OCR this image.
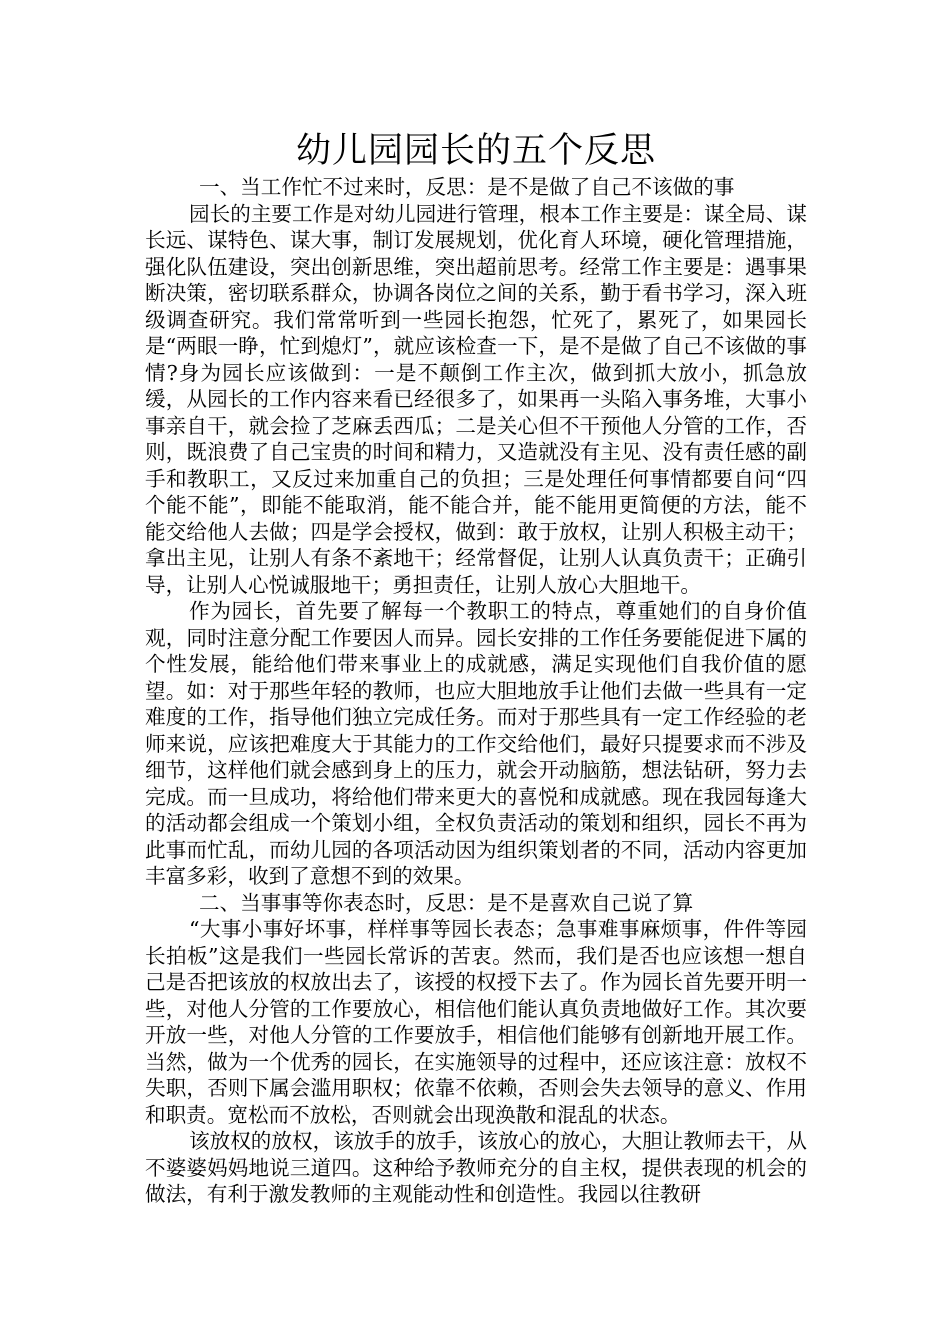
幼儿园园长的五个反思
一、当工作忙不过来时，反思：是不是做了自己不该做的事

园长的主要工作是对幼儿园进行管理，根本工作主要是：谋全局、谋长远、谋特色、谋大事，制订发展规划，优化育人环境，硬化管理措施，强化队伍建设，突出创新思维，突出超前思考。经常工作主要是：遇事果断决策，密切联系群众，协调各岗位之间的关系，勤于看书学习，深入班级调查研究。我们常常听到一些园长抱怨，忙死了，累死了，如果园长是“两眼一睁，忙到熄灯”，就应该检查一下，是不是做了自己不该做的事情?身为园长应该做到：一是不颠倒工作主次，做到抓大放小，抓急放缓，从园长的工作内容来看已经很多了，如果再一头陷入事务堆，大事小事亲自干，就会捡了芝麻丢西瓜；二是关心但不干预他人分管的工作，否则，既浪费了自己宝贵的时间和精力，又造就没有主见、没有责任感的副手和教职工，又反过来加重自己的负担；三是处理任何事情都要自问“四个能不能”，即能不能取消，能不能合并，能不能用更简便的方法，能不能交给他人去做；四是学会授权，做到：敢于放权，让别人积极主动干；拿出主见，让别人有条不紊地干；经常督促，让别人认真负责干；正确引导，让别人心悦诚服地干；勇担责任，让别人放心大胆地干。

作为园长，首先要了解每一个教职工的特点，尊重她们的自身价值观，同时注意分配工作要因人而异。园长安排的工作任务要能促进下属的个性发展，能给他们带来事业上的成就感，满足实现他们自我价值的愿望。如：对于那些年轻的教师，也应大胆地放手让他们去做一些具有一定难度的工作，指导他们独立完成任务。而对于那些具有一定工作经验的老师来说，应该把难度大于其能力的工作交给他们，最好只提要求而不涉及细节，这样他们就会感到身上的压力，就会开动脑筋，想法钻研，努力去完成。而一旦成功，将给他们带来更大的喜悦和成就感。现在我园每逢大的活动都会组成一个策划小组，全权负责活动的策划和组织，园长不再为此事而忙乱，而幼儿园的各项活动因为组织策划者的不同，活动内容更加丰富多彩，收到了意想不到的效果。

二、当事事等你表态时，反思：是不是喜欢自己说了算

“大事小事好坏事，样样事等园长表态；急事难事麻烦事，件件等园长拍板”这是我们一些园长常诉的苦衷。然而，我们是否也应该想一想自己是否把该放的权放出去了，该授的权授下去了。作为园长首先要开明一些，对他人分管的工作要放心，相信他们能认真负责地做好工作。其次要开放一些，对他人分管的工作要放手，相信他们能够有创新地开展工作。当然，做为一个优秀的园长，在实施领导的过程中，还应该注意：放权不失职，否则下属会滥用职权；依靠不依赖，否则会失去领导的意义、作用和职责。宽松而不放松，否则就会出现涣散和混乱的状态。

该放权的放权，该放手的放手，该放心的放心，大胆让教师去干，从不婆婆妈妈地说三道四。这种给予教师充分的自主权，提供表现的机会的做法，有利于激发教师的主观能动性和创造性。我园以往教研
